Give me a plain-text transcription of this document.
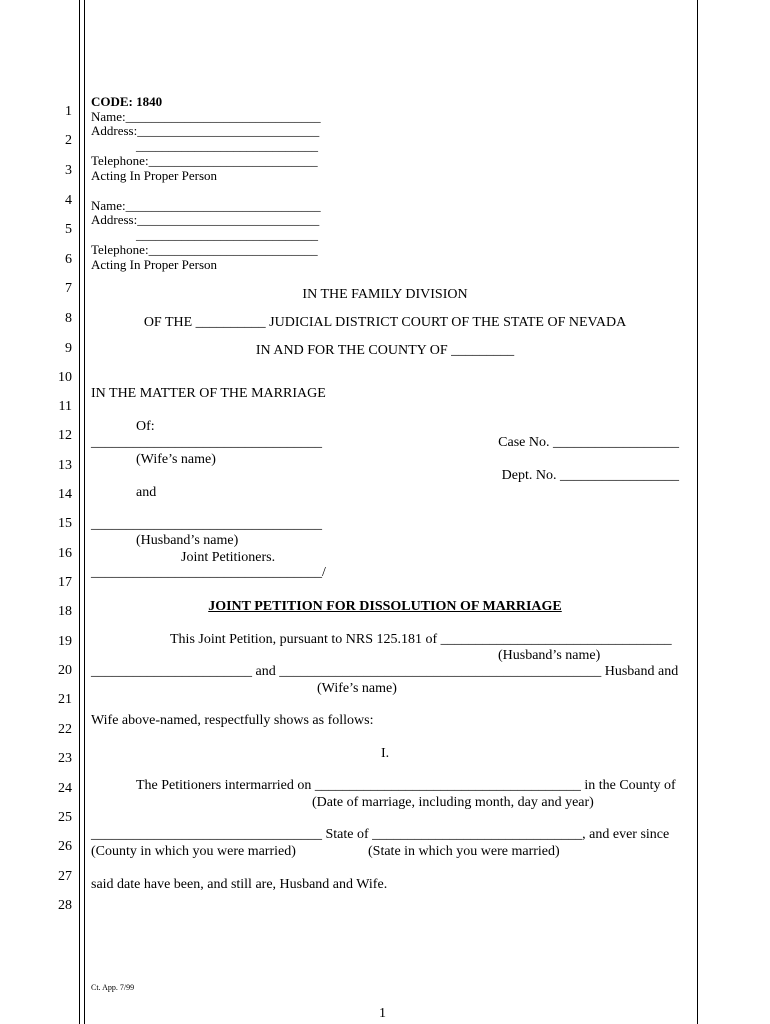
1
2
3
4
5
6
7
8
9
10
11
12
13
14
15
16
17
18
19
20
21
22
23
24
25
26
27
28
CODE: 1840
Name:______________________________
Address:____________________________
____________________________
Telephone:__________________________
Acting In Proper Person
Name:______________________________
Address:____________________________
____________________________
Telephone:__________________________
Acting In Proper Person
IN THE FAMILY DIVISION
OF THE __________ JUDICIAL DISTRICT COURT OF THE STATE OF NEVADA
IN AND FOR THE COUNTY OF _________
IN THE MATTER OF THE MARRIAGE
Of:
_________________________________
(Wife’s name)
and
_________________________________
(Husband’s name)
Joint Petitioners.
_________________________________/
Case No. __________________
Dept. No. _________________
JOINT PETITION FOR DISSOLUTION OF MARRIAGE
This Joint Petition, pursuant to NRS 125.181 of _________________________________
(Husband’s name)
_______________________ and ______________________________________________ Husband and
(Wife’s name)
Wife above-named, respectfully shows as follows:
I.
The Petitioners intermarried on ______________________________________ in the County of
(Date of marriage, including month, day and year)
_________________________________ State of ______________________________, and ever since
(County in which you were married)	(State in which you were married)
said date have been, and still are, Husband and Wife.
Ct. App. 7/99
1
